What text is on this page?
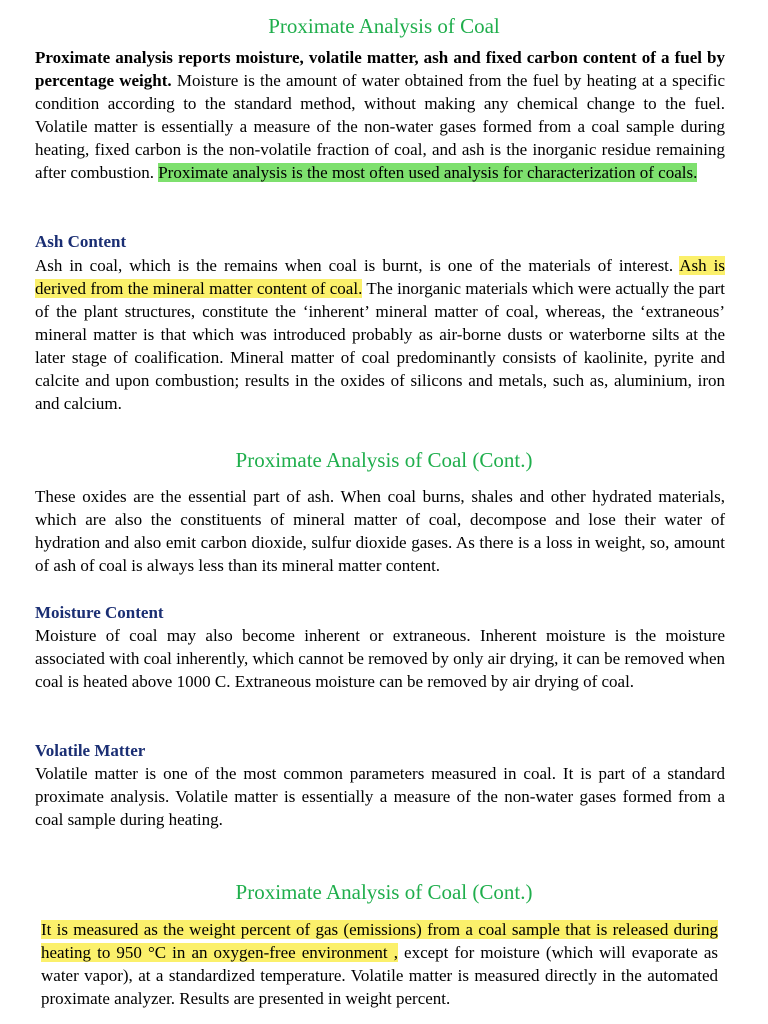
Proximate Analysis of Coal

Proximate analysis reports moisture, volatile matter, ash and fixed carbon content of a fuel by percentage weight. Moisture is the amount of water obtained from the fuel by heating at a specific condition according to the standard method, without making any chemical change to the fuel. Volatile matter is essentially a measure of the non-water gases formed from a coal sample during heating, fixed carbon is the non-volatile fraction of coal, and ash is the inorganic residue remaining after combustion. Proximate analysis is the most often used analysis for characterization of coals.

Ash Content

Ash in coal, which is the remains when coal is burnt, is one of the materials of interest. Ash is derived from the mineral matter content of coal. The inorganic materials which were actually the part of the plant structures, constitute the ‘inherent’ mineral matter of coal, whereas, the ‘extraneous’ mineral matter is that which was introduced probably as air-borne dusts or waterborne silts at the later stage of coalification. Mineral matter of coal predominantly consists of kaolinite, pyrite and calcite and upon combustion; results in the oxides of silicons and metals, such as, aluminium, iron and calcium.

Proximate Analysis of Coal (Cont.)

These oxides are the essential part of ash. When coal burns, shales and other hydrated materials, which are also the constituents of mineral matter of coal, decompose and lose their water of hydration and also emit carbon dioxide, sulfur dioxide gases. As there is a loss in weight, so, amount of ash of coal is always less than its mineral matter content.

Moisture Content

Moisture of coal may also become inherent or extraneous. Inherent moisture is the moisture associated with coal inherently, which cannot be removed by only air drying, it can be removed when coal is heated above 1000 C. Extraneous moisture can be removed by air drying of coal.

Volatile Matter

Volatile matter is one of the most common parameters measured in coal. It is part of a standard proximate analysis. Volatile matter is essentially a measure of the non-water gases formed from a coal sample during heating.

Proximate Analysis of Coal (Cont.)

It is measured as the weight percent of gas (emissions) from a coal sample that is released during heating to 950 °C in an oxygen-free environment , except for moisture (which will evaporate as water vapor), at a standardized temperature. Volatile matter is measured directly in the automated proximate analyzer. Results are presented in weight percent.
